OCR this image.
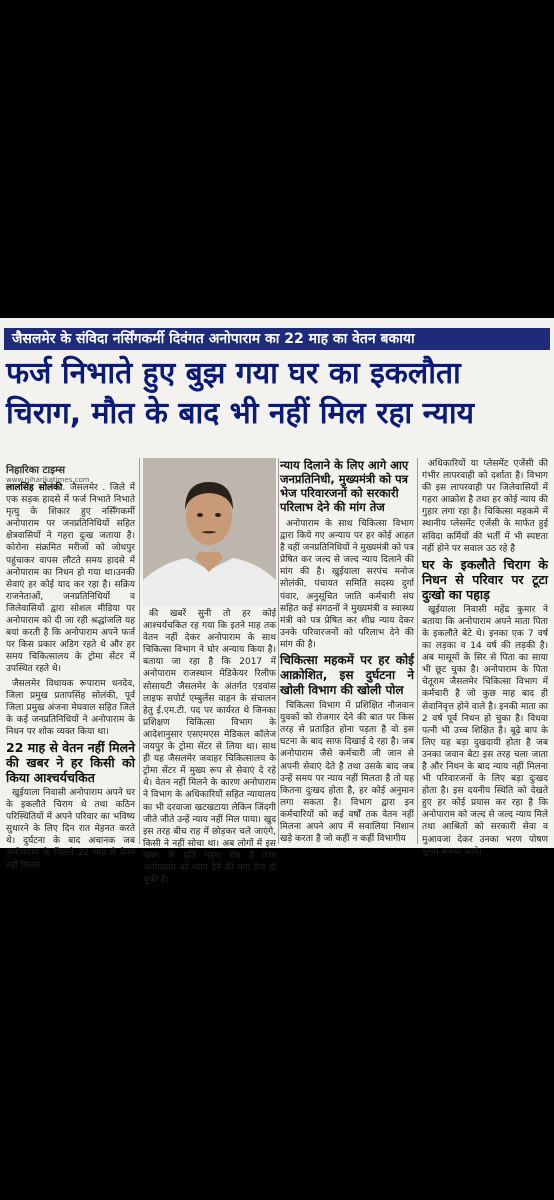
जैसलमेर के संविदा नर्सिंगकर्मी दिवंगत अनोपाराम का 22 माह का वेतन बकाया
फर्ज निभाते हुए बुझ गया घर का इकलौता
चिराग, मौत के बाद भी नहीं मिल रहा न्याय
निहारिका टाइम्स
www.niharikatimes.com

लालसिंह सोलंकी. जैसलमेर . जिले में एक सड़क हादसे में फर्ज निभाते निभाते मृत्यु के शिकार हुए नर्सिंगकर्मी अनोपाराम पर जनप्रतिनिधियों सहित क्षेत्रवासियों ने गहरा दुःख जताया है। कोरोना संक्रमित मरीजों को जोधपुर पहुंचाकर वापस लौटते समय हादसे में अनोपाराम का निधन हो गया था।उनकी सेवाएं हर कोई याद कर रहा है। सक्रिय राजनेताओं, जनप्रतिनिधियों व जिलेवासियों द्वारा सोशल मीडिया पर अनोपाराम को दी जा रही श्रद्धांजलि यह बयां करती है कि अनोपाराम अपने फर्ज पर किस प्रकार अडिग रहते थे और हर समय चिकित्सालय के ट्रोमा सेंटर में उपस्थित रहते थे।

जैसलमेर विधायक रूपाराम धनदेव, जिला प्रमुख प्रतापसिंह सोलंकी, पूर्व जिला प्रमुख अंजना मेघवाल सहित जिले के कई जनप्रतिनिधियों ने अनोपाराम के निधन पर शोक व्यक्त किया था।

22 माह से वेतन नहीं मिलने की खबर ने हर किसी को किया आश्चर्यचकित

खुईयाला निवासी अनोपाराम अपने घर के इकलौते चिराग थे तथा कठिन परिस्थितियों में अपने परिवार का भविष्य सुधारने के लिए दिन रात मेहनत करते थे। दुर्घटना के बाद अचानक जब अनोपाराम के पिछले 22 माह से वेतन नहीं मिलने

की खबरें सुनी तो हर कोई आश्चर्यचकित रह गया कि इतने माह तक वेतन नहीं देकर अनोपाराम के साथ चिकित्सा विभाग ने घोर अन्याय किया है। बताया जा रहा है कि 2017 में अनोपाराम राजस्थान मेडिकेयर रिलीफ सोसायटी जैसलमेर के अंतर्गत एडवांस लाइफ सपोर्ट एम्बुलेंस वाहन के संचालन हेतु ई.एम.टी. पद पर कार्यरत थे जिनका प्रशिक्षण चिकित्सा विभाग के आदेशानुसार एसएमएस मेडिकल कॉलेज जयपुर के ट्रोमा सेंटर से लिया था। साथ ही यह जैसलमेर जवाहर चिकित्सालय के ट्रोमा सेंटर में मुख्य रूप से सेवाएं दे रहे थे। वेतन नहीं मिलने के कारण अनोपाराम ने विभाग के अधिकारियों सहित न्यायालय का भी दरवाजा खटखटाया लेकिन जिंदगी जीते जीते उन्हें न्याय नहीं मिल पाया। खुद इस तरह बीच राह में छोड़कर चले जाएंगे, किसी ने नहीं सोचा था। अब लोगों में इस खबर के प्रति गहरा रोष है तथा अनोपाराम को न्याय देने की मांग तेज हो चुकी है।

न्याय दिलाने के लिए आगे आए जनप्रतिनिधी, मुख्यमंत्री को पत्र भेज परिवारजनों को सरकारी परिलाभ देने की मांग तेज

अनोपाराम के साथ चिकित्सा विभाग द्वारा किये गए अन्याय पर हर कोई आहत है वहीं जनप्रतिनिधियों ने मुख्यमंत्री को पत्र प्रेषित कर जल्द से जल्द न्याय दिलाने की मांग की है। खुईयाला सरपंच मनोज सोलंकी, पंचायत समिति सदस्य दुर्गा पंवार, अनुसूचित जाति कर्मचारी संघ सहित कई संगठनों ने मुख्यमंत्री व स्वास्थ्य मंत्री को पत्र प्रेषित कर शीघ्र न्याय देकर उनके परिवारजनों को परिलाभ देने की मांग की है।

चिकित्सा महकमें पर हर कोई आक्रोशित, इस दुर्घटना ने खोली विभाग की खोली पोल

चिकित्सा विभाग में प्रशिक्षित नौजवान युवकों को रोजगार देने की बात पर किस तरह से प्रताड़ित होना पड़ता है वो इस घटना के बाद साफ दिखाई दे रहा है। जब अनोपाराम जैसे कर्मचारी जी जान से अपनी सेवाएं देते है तथा उसके बाद जब उन्हें समय पर न्याय नहीं मिलता है तो यह कितना दुःखद होता है, हर कोई अनुमान लगा सकता है। विभाग द्वारा इन कर्मचारियों को कई वर्षों तक वेतन नहीं मिलना अपने आप में सवालिया निशान खड़े करता है जो कहीं न कहीं विभागीय

अधिकारियों या प्लेसमेंट एजेंसी की गंभीर लापरवाही को दर्शाता है। विभाग की इस लापरवाही पर जिलेवासियों में गहरा आक्रोश है तथा हर कोई न्याय की गुहार लगा रहा है। चिकित्सा महकमे में स्थानीय प्लेसमेंट एजेंसी के मार्फत हुई संविदा कर्मियों की भर्ती में भी स्पष्टता नहीं होने पर सवाल उठ रहे है

घर के इकलौते चिराग के निधन से परिवार पर टूटा दुःखो का पहाड़

खुईयाला निवासी महेंद्र कुमार ने बताया कि अनोपाराम अपने माता पिता के इकलौते बेटे थे। इनका एक 7 वर्ष का लड़का व 14 वर्ष की लड़की है। अब मासूमों के सिर से पिता का साया भी छूट चुका है। अनोपाराम के पिता चेतूराम जैसलमेर चिकित्सा विभाग में कर्मचारी है जो कुछ माह बाद ही सेवानिवृत्त होने वाले है। इनकी माता का 2 वर्ष पूर्व निधन हो चुका है। विधवा पत्नी भी उच्च शिक्षित है। बूढ़े बाप के लिए यह बड़ा दुखदायी होता है जब उनका जवान बेटा इस तरह चला जाता है और निधन के बाद न्याय नहीं मिलना भी परिवारजनों के लिए बड़ा दुःखद होता है। इस दयनीय स्थिति को देखते हुए हर कोई प्रयास कर रहा है कि अनोपाराम को जल्द से जल्द न्याय मिले तथा आश्रितों को सरकारी सेवा व मुआवजा देकर उनका भरण पोषण सुगम बनाया जाये।
